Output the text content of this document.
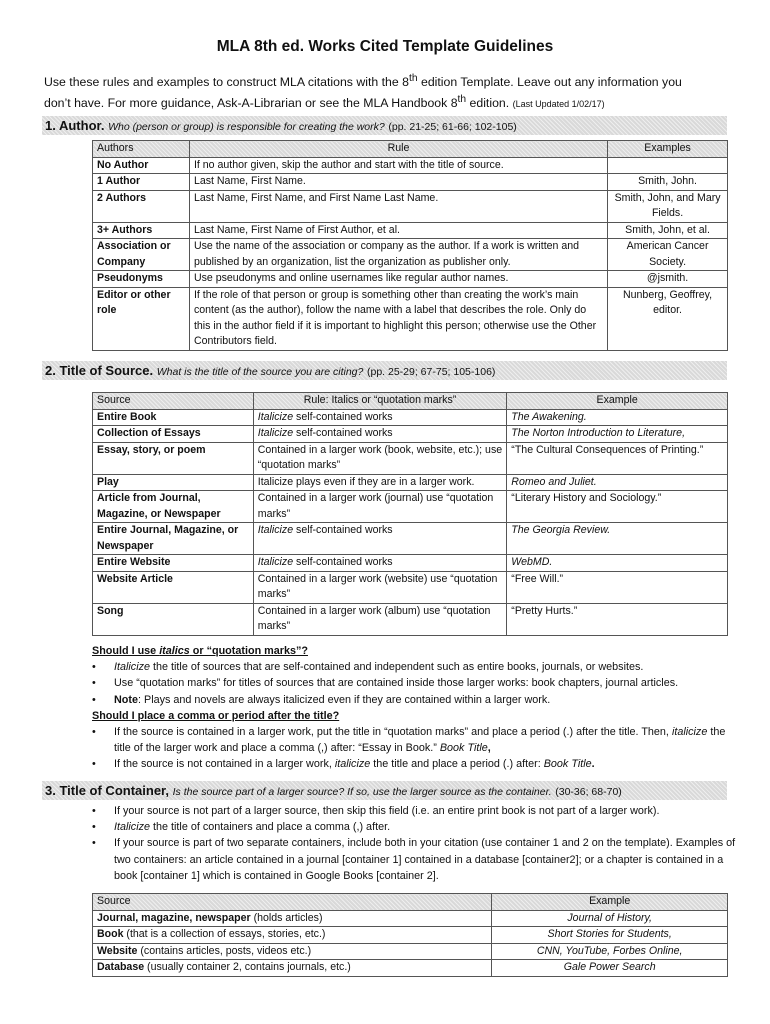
MLA 8th ed. Works Cited Template Guidelines
Use these rules and examples to construct MLA citations with the 8th edition Template. Leave out any information you
don’t have. For more guidance, Ask-A-Librarian or see the MLA Handbook 8th edition. (Last Updated 1/02/17)
1. Author. Who (person or group) is responsible for creating the work? (pp. 21-25; 61-66; 102-105)
Authors	Rule	Examples
No Author	If no author given, skip the author and start with the title of source.	
1 Author	Last Name, First Name.	Smith, John.
2 Authors	Last Name, First Name, and First Name Last Name.	Smith, John, and Mary Fields.
3+ Authors	Last Name, First Name of First Author, et al.	Smith, John, et al.
Association or Company	Use the name of the association or company as the author. If a work is written and published by an organization, list the organization as publisher only.	American Cancer Society.
Pseudonyms	Use pseudonyms and online usernames like regular author names.	@jsmith.
Editor or other role	If the role of that person or group is something other than creating the work’s main content (as the author), follow the name with a label that describes the role. Only do this in the author field if it is important to highlight this person; otherwise use the Other Contributors field.	Nunberg, Geoffrey, editor.
2. Title of Source. What is the title of the source you are citing? (pp. 25-29; 67-75; 105-106)
Source	Rule: Italics or “quotation marks”	Example
Entire Book	Italicize self-contained works	The Awakening.
Collection of Essays	Italicize self-contained works	The Norton Introduction to Literature,
Essay, story, or poem	Contained in a larger work (book, website, etc.); use “quotation marks”	“The Cultural Consequences of Printing.”
Play	Italicize plays even if they are in a larger work.	Romeo and Juliet.
Article from Journal, Magazine, or Newspaper	Contained in a larger work (journal) use “quotation marks”	“Literary History and Sociology.”
Entire Journal, Magazine, or Newspaper	Italicize self-contained works	The Georgia Review.
Entire Website	Italicize self-contained works	WebMD.
Website Article	Contained in a larger work (website) use “quotation marks”	“Free Will.”
Song	Contained in a larger work (album) use “quotation marks”	“Pretty Hurts.”
Should I use italics or “quotation marks”?
• Italicize the title of sources that are self-contained and independent such as entire books, journals, or websites.
• Use “quotation marks” for titles of sources that are contained inside those larger works: book chapters, journal articles.
• Note: Plays and novels are always italicized even if they are contained within a larger work.
Should I place a comma or period after the title?
• If the source is contained in a larger work, put the title in “quotation marks” and place a period (.) after the title. Then, italicize the title of the larger work and place a comma (,) after: “Essay in Book.” Book Title,
• If the source is not contained in a larger work, italicize the title and place a period (.) after: Book Title.
3. Title of Container, Is the source part of a larger source? If so, use the larger source as the container. (30-36; 68-70)
• If your source is not part of a larger source, then skip this field (i.e. an entire print book is not part of a larger work).
• Italicize the title of containers and place a comma (,) after.
• If your source is part of two separate containers, include both in your citation (use container 1 and 2 on the template). Examples of two containers: an article contained in a journal [container 1] contained in a database [container2]; or a chapter is contained in a book [container 1] which is contained in Google Books [container 2].
Source	Example
Journal, magazine, newspaper (holds articles)	Journal of History,
Book (that is a collection of essays, stories, etc.)	Short Stories for Students,
Website (contains articles, posts, videos etc.)	CNN, YouTube, Forbes Online,
Database (usually container 2, contains journals, etc.)	Gale Power Search
